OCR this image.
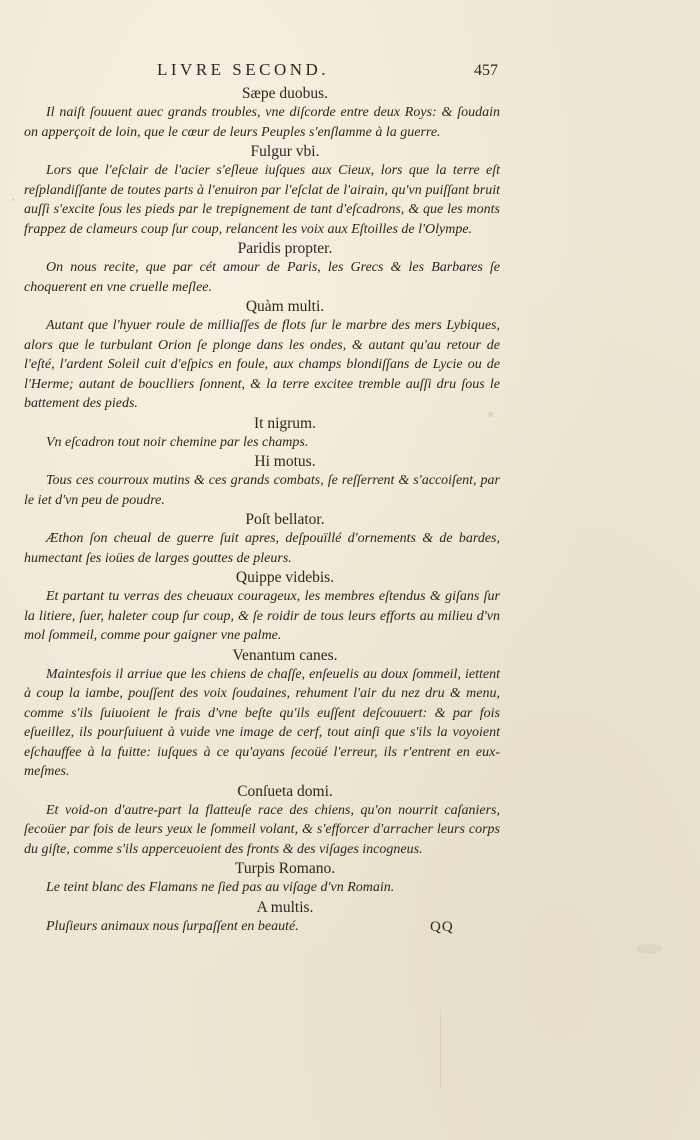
LIVRE SECOND.	457

Sæpe duobus.

Il naiſt ſouuent auec grands troubles, vne diſcorde entre deux Roys: & ſoudain on apperçoit de loin, que le cœur de leurs Peuples s'enſlamme à la guerre.

Fulgur vbi.

Lors que l'eſclair de l'acier s'eſleue iuſques aux Cieux, lors que la terre eſt reſplandiſſante de toutes parts à l'enuiron par l'eſclat de l'airain, qu'vn puiſſant bruit auſſi s'excite ſous les pieds par le trepignement de tant d'eſcadrons, & que les monts frappez de clameurs coup ſur coup, relancent les voix aux Eſtoilles de l'Olympe.

Paridis propter.

On nous recite, que par cét amour de Paris, les Grecs & les Barbares ſe choquerent en vne cruelle meſlee.

Quàm multi.

Autant que l'hyuer roule de milliaſſes de flots ſur le marbre des mers Lybiques, alors que le turbulant Orion ſe plonge dans les ondes, & autant qu'au retour de l'eſté, l'ardent Soleil cuit d'eſpics en foule, aux champs blondiſſans de Lycie ou de l'Herme; autant de bouclliers ſonnent, & la terre excitee tremble auſſi dru ſous le battement des pieds.

It nigrum.

Vn eſcadron tout noir chemine par les champs.

Hi motus.

Tous ces courroux mutins & ces grands combats, ſe reſſerrent & s'accoiſent, par le iet d'vn peu de poudre.

Poſt bellator.

Æthon ſon cheual de guerre ſuit apres, deſpouïllé d'ornements & de bardes, humectant ſes ioües de larges gouttes de pleurs.

Quippe videbis.

Et partant tu verras des cheuaux courageux, les membres eſtendus & giſans ſur la litiere, ſuer, haleter coup ſur coup, & ſe roidir de tous leurs efforts au milieu d'vn mol ſommeil, comme pour gaigner vne palme.

Venantum canes.

Maintesfois il arriue que les chiens de chaſſe, enſeuelis au doux ſommeil, iettent à coup la iambe, pouſſent des voix ſoudaines, rehument l'air du nez dru & menu, comme s'ils ſuiuoient le frais d'vne beſte qu'ils euſſent deſcouuert: & par fois eſueillez, ils pourſuiuent à vuide vne image de cerf, tout ainſi que s'ils la voyoient eſchauffee à la fuitte: iuſques à ce qu'ayans ſecoüé l'erreur, ils r'entrent en eux-meſmes.

Conſueta domi.

Et void-on d'autre-part la flatteuſe race des chiens, qu'on nourrit caſaniers, ſecoüer par fois de leurs yeux le ſommeil volant, & s'efforcer d'arracher leurs corps du giſte, comme s'ils apperceuoient des fronts & des viſages incogneus.

Turpis Romano.

Le teint blanc des Flamans ne ſied pas au viſage d'vn Romain.

A multis.

Pluſieurs animaux nous ſurpaſſent en beauté.	QQ
